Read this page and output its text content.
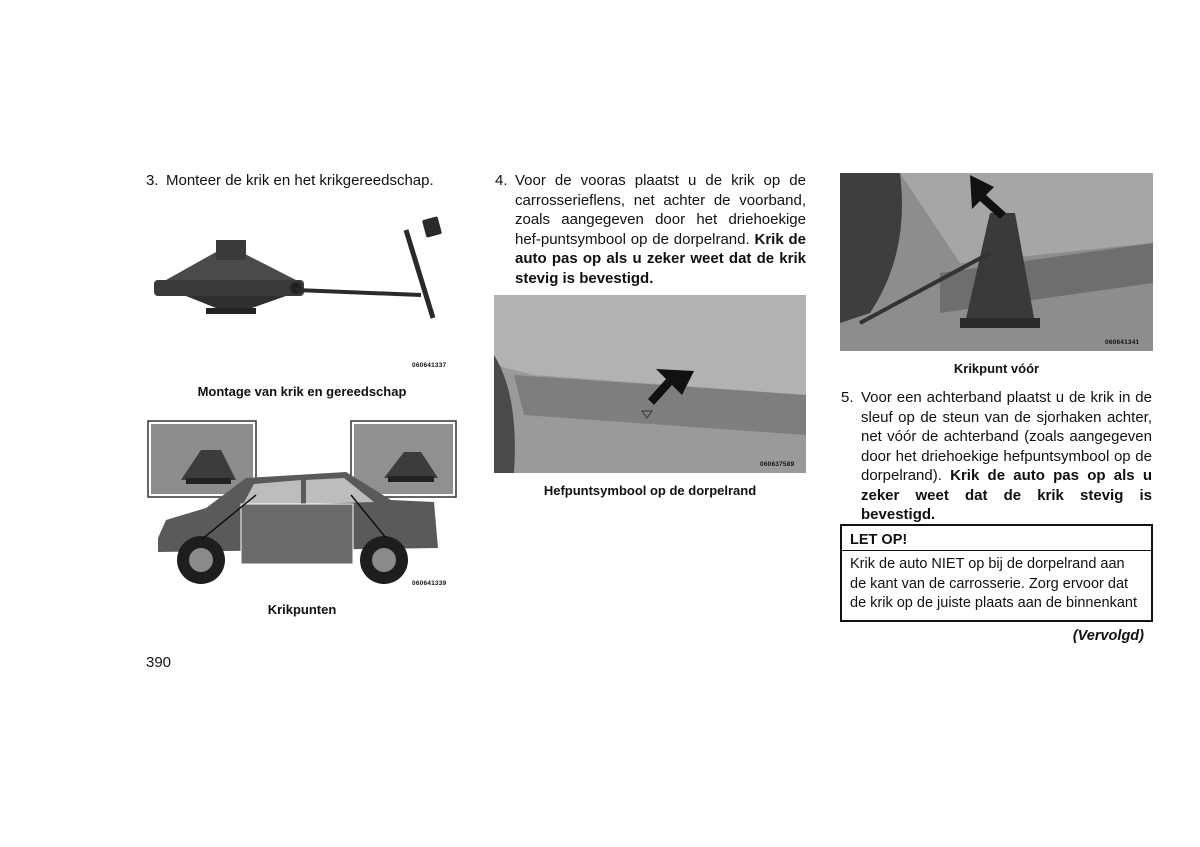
3. Monteer de krik en het krikgereedschap.
060641337
Montage van krik en gereedschap
060641339
Krikpunten
4. Voor de vooras plaatst u de krik op de carrosserieflens, net achter de voorband, zoals aangegeven door het driehoekige hef-puntsymbool op de dorpelrand. Krik de auto pas op als u zeker weet dat de krik stevig is bevestigd.
060637589
Hefpuntsymbool op de dorpelrand
060641341
Krikpunt vóór
5. Voor een achterband plaatst u de krik in de sleuf op de steun van de sjorhaken achter, net vóór de achterband (zoals aangegeven door het driehoekige hefpuntsymbool op de dorpelrand). Krik de auto pas op als u zeker weet dat de krik stevig is bevestigd.
LET OP!
Krik de auto NIET op bij de dorpelrand aan de kant van de carrosserie. Zorg ervoor dat de krik op de juiste plaats aan de binnenkant
(Vervolgd)
390
